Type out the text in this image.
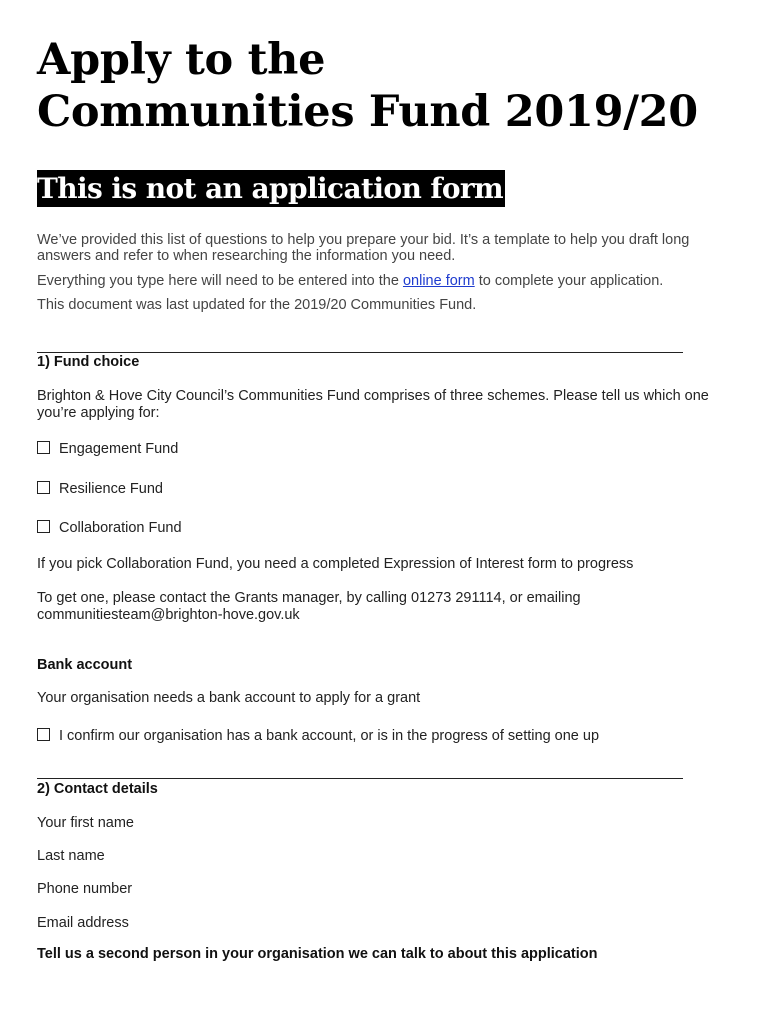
Apply to the
Communities Fund 2019/20
This is not an application form

We’ve provided this list of questions to help you prepare your bid. It’s a template to help you draft long answers and refer to when researching the information you need.

Everything you type here will need to be entered into the online form to complete your application.

This document was last updated for the 2019/20 Communities Fund.

1) Fund choice

Brighton & Hove City Council’s Communities Fund comprises of three schemes. Please tell us which one you’re applying for:

Engagement Fund
Resilience Fund
Collaboration Fund

If you pick Collaboration Fund, you need a completed Expression of Interest form to progress

To get one, please contact the Grants manager, by calling 01273 291114, or emailing communitiesteam@brighton-hove.gov.uk

Bank account

Your organisation needs a bank account to apply for a grant

I confirm our organisation has a bank account, or is in the progress of setting one up
2) Contact details

Your first name

Last name

Phone number

Email address

Tell us a second person in your organisation we can talk to about this application
